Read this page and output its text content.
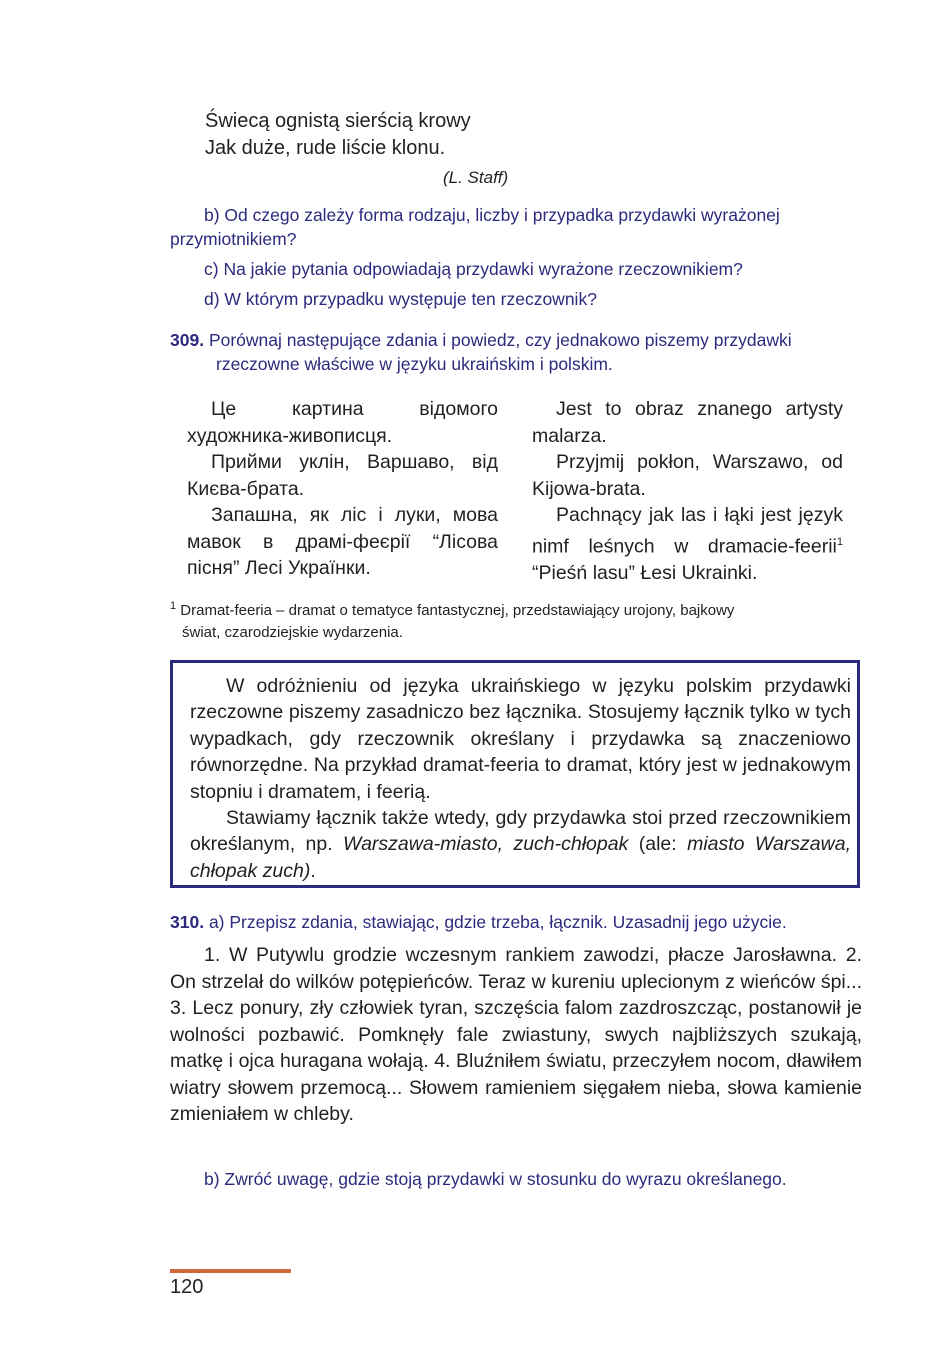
Świecą ognistą sierścią krowy
Jak duże, rude liście klonu.
(L. Staff)
b) Od czego zależy forma rodzaju, liczby i przypadka przydawki wyrażonej
przymiotnikiem?
c) Na jakie pytania odpowiadają przydawki wyrażone rzeczownikiem?
d) W którym przypadku występuje ten rzeczownik?
309. Porównaj następujące zdania i powiedz, czy jednakowo piszemy przydawki
rzeczowne właściwe w języku ukraińskim i polskim.

Це картина відомого художника-живописця.

Прийми уклін, Варшаво, від Києва-брата.

Запашна, як ліс і луки, мова мавок в драмі-феєрії “Лісова пісня” Лесі Українки.

Jest to obraz znanego artysty malarza.

Przyjmij pokłon, Warszawo, od Kijowa-brata.

Pachnący jak las i łąki jest język nimf leśnych w dramacie-feerii$^1$ “Pieśń lasu” Łesi Ukrainki.

$^1$ Dramat-feeria – dramat o tematyce fantastycznej, przedstawiający urojony, bajkowy
świat, czarodziejskie wydarzenia.

W odróżnieniu od języka ukraińskiego w języku polskim przydawki rzeczowne piszemy zasadniczo bez łącznika. Stosujemy łącznik tylko w tych wypadkach, gdy rzeczownik określany i przydawka są znaczeniowo równorzędne. Na przykład dramat-feeria to dramat, który jest w jednakowym stopniu i dramatem, i feerią.

Stawiamy łącznik także wtedy, gdy przydawka stoi przed rzeczownikiem określanym, np. Warszawa-miasto, zuch-chłopak (ale: miasto Warszawa, chłopak zuch).

310. a) Przepisz zdania, stawiając, gdzie trzeba, łącznik. Uzasadnij jego użycie.

1. W Putywlu grodzie wczesnym rankiem zawodzi, płacze Jarosławna. 2. On strzelał do wilków potępieńców. Teraz w kureniu uplecionym z wieńców śpi... 3. Lecz ponury, zły człowiek tyran, szczęścia falom zazdroszcząc, postanowił je wolności pozbawić. Pomknęły fale zwiastuny, swych najbliższych szukają, matkę i ojca huragana wołają. 4. Bluźniłem światu, przeczyłem nocom, dławiłem wiatry słowem przemocą... Słowem ramieniem sięgałem nieba, słowa kamienie zmieniałem w chleby.

b) Zwróć uwagę, gdzie stoją przydawki w stosunku do wyrazu określanego.
120
